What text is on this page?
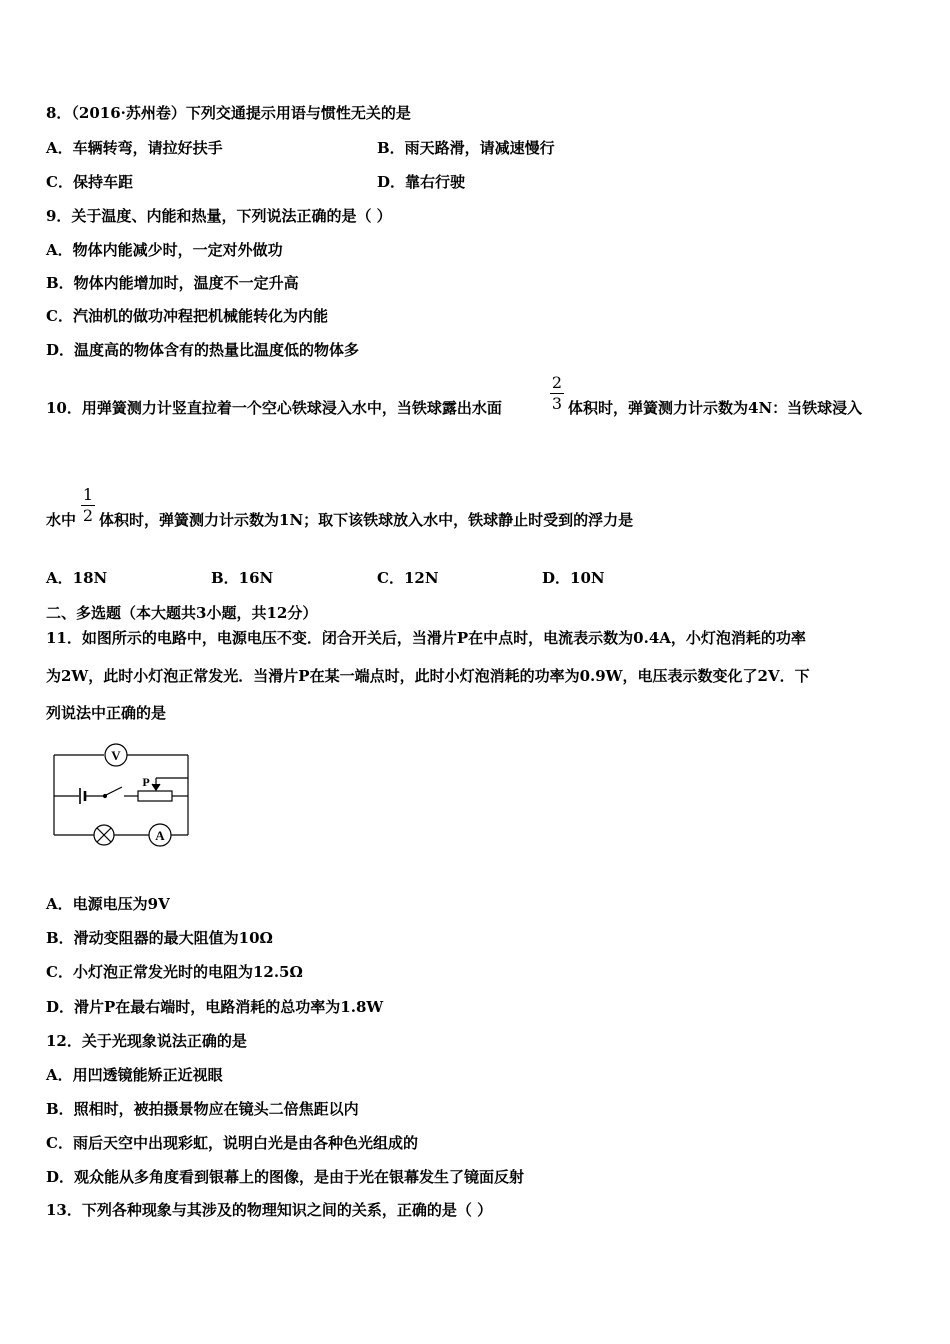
8．（2016·苏州卷）下列交通提示用语与惯性无关的是
A．车辆转弯，请拉好扶手	B．雨天路滑，请减速慢行
C．保持车距	D．靠右行驶
9．关于温度、内能和热量，下列说法正确的是（ ）
A．物体内能减少时，一定对外做功
B．物体内能增加时，温度不一定升高
C．汽油机的做功冲程把机械能转化为内能
D．温度高的物体含有的热量比温度低的物体多
10．用弹簧测力计竖直拉着一个空心铁球浸入水中，当铁球露出水面
2
3 体积时，弹簧测力计示数为4N：当铁球浸入
水中
1
2 体积时，弹簧测力计示数为1N；取下该铁球放入水中，铁球静止时受到的浮力是
A．18N	B．16N	C．12N	D．10N
二、多选题（本大题共3小题，共12分）
11．如图所示的电路中，电源电压不变．闭合开关后，当滑片P在中点时，电流表示数为0.4A，小灯泡消耗的功率
为2W，此时小灯泡正常发光．当滑片P在某一端点时，此时小灯泡消耗的功率为0.9W，电压表示数变化了2V．下
列说法中正确的是
V
A
P
A．电源电压为9V
B．滑动变阻器的最大阻值为10Ω
C．小灯泡正常发光时的电阻为12.5Ω
D．滑片P在最右端时，电路消耗的总功率为1.8W
12．关于光现象说法正确的是
A．用凹透镜能矫正近视眼
B．照相时，被拍摄景物应在镜头二倍焦距以内
C．雨后天空中出现彩虹，说明白光是由各种色光组成的
D．观众能从多角度看到银幕上的图像，是由于光在银幕发生了镜面反射
13．下列各种现象与其涉及的物理知识之间的关系，正确的是（ ）
